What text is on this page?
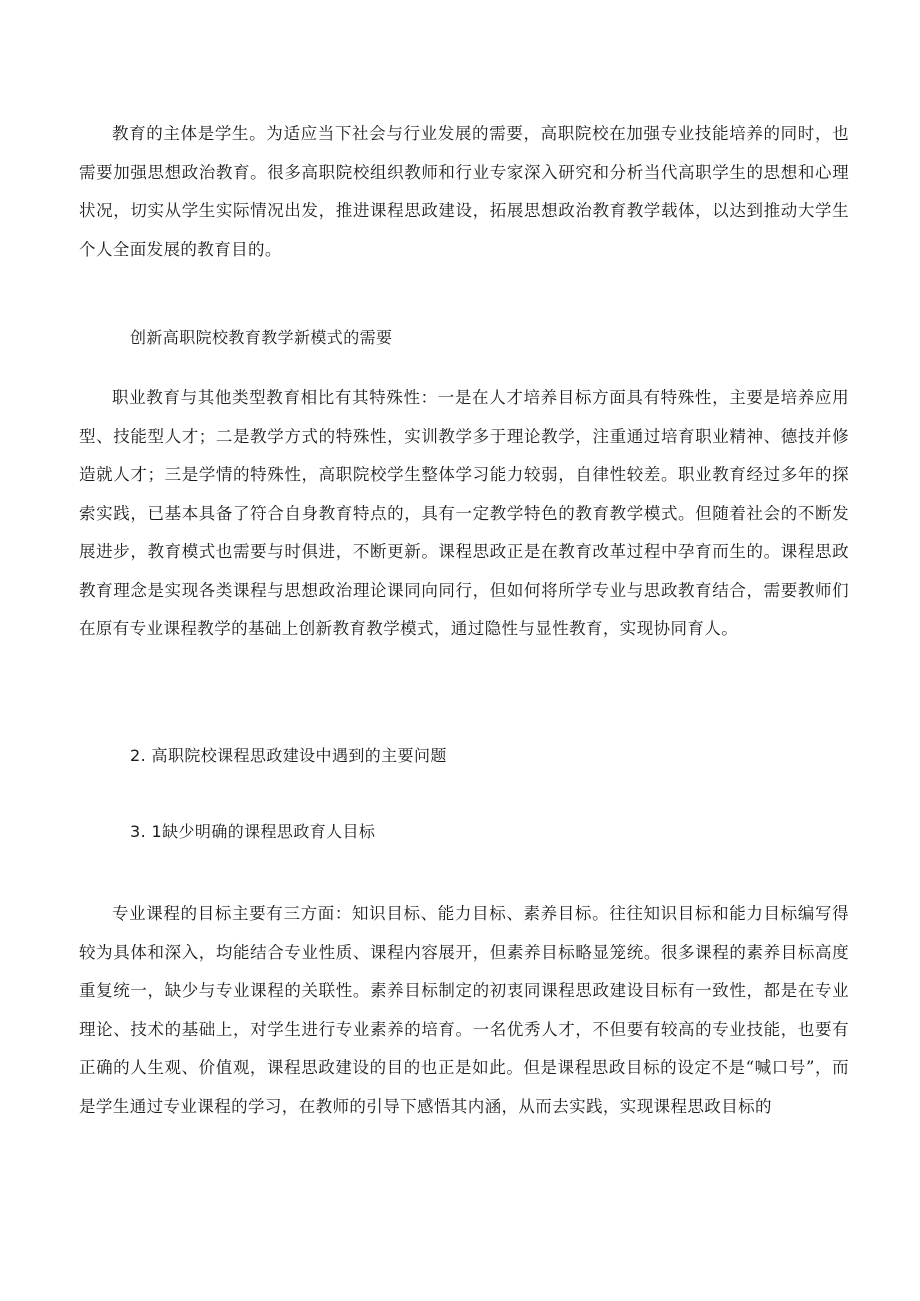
教育的主体是学生。为适应当下社会与行业发展的需要，高职院校在加强专业技能培养的同时，也需要加强思想政治教育。很多高职院校组织教师和行业专家深入研究和分析当代高职学生的思想和心理状况，切实从学生实际情况出发，推进课程思政建设，拓展思想政治教育教学载体，以达到推动大学生个人全面发展的教育目的。

创新高职院校教育教学新模式的需要

职业教育与其他类型教育相比有其特殊性：一是在人才培养目标方面具有特殊性，主要是培养应用型、技能型人才；二是教学方式的特殊性，实训教学多于理论教学，注重通过培育职业精神、德技并修造就人才；三是学情的特殊性，高职院校学生整体学习能力较弱，自律性较差。职业教育经过多年的探索实践，已基本具备了符合自身教育特点的，具有一定教学特色的教育教学模式。但随着社会的不断发展进步，教育模式也需要与时俱进，不断更新。课程思政正是在教育改革过程中孕育而生的。课程思政教育理念是实现各类课程与思想政治理论课同向同行，但如何将所学专业与思政教育结合，需要教师们在原有专业课程教学的基础上创新教育教学模式，通过隐性与显性教育，实现协同育人。

2. 高职院校课程思政建设中遇到的主要问题

3. 1缺少明确的课程思政育人目标

专业课程的目标主要有三方面：知识目标、能力目标、素养目标。往往知识目标和能力目标编写得较为具体和深入，均能结合专业性质、课程内容展开，但素养目标略显笼统。很多课程的素养目标高度重复统一，缺少与专业课程的关联性。素养目标制定的初衷同课程思政建设目标有一致性，都是在专业理论、技术的基础上，对学生进行专业素养的培育。一名优秀人才，不但要有较高的专业技能，也要有正确的人生观、价值观，课程思政建设的目的也正是如此。但是课程思政目标的设定不是“喊口号”，而是学生通过专业课程的学习，在教师的引导下感悟其内涵，从而去实践，实现课程思政目标的
